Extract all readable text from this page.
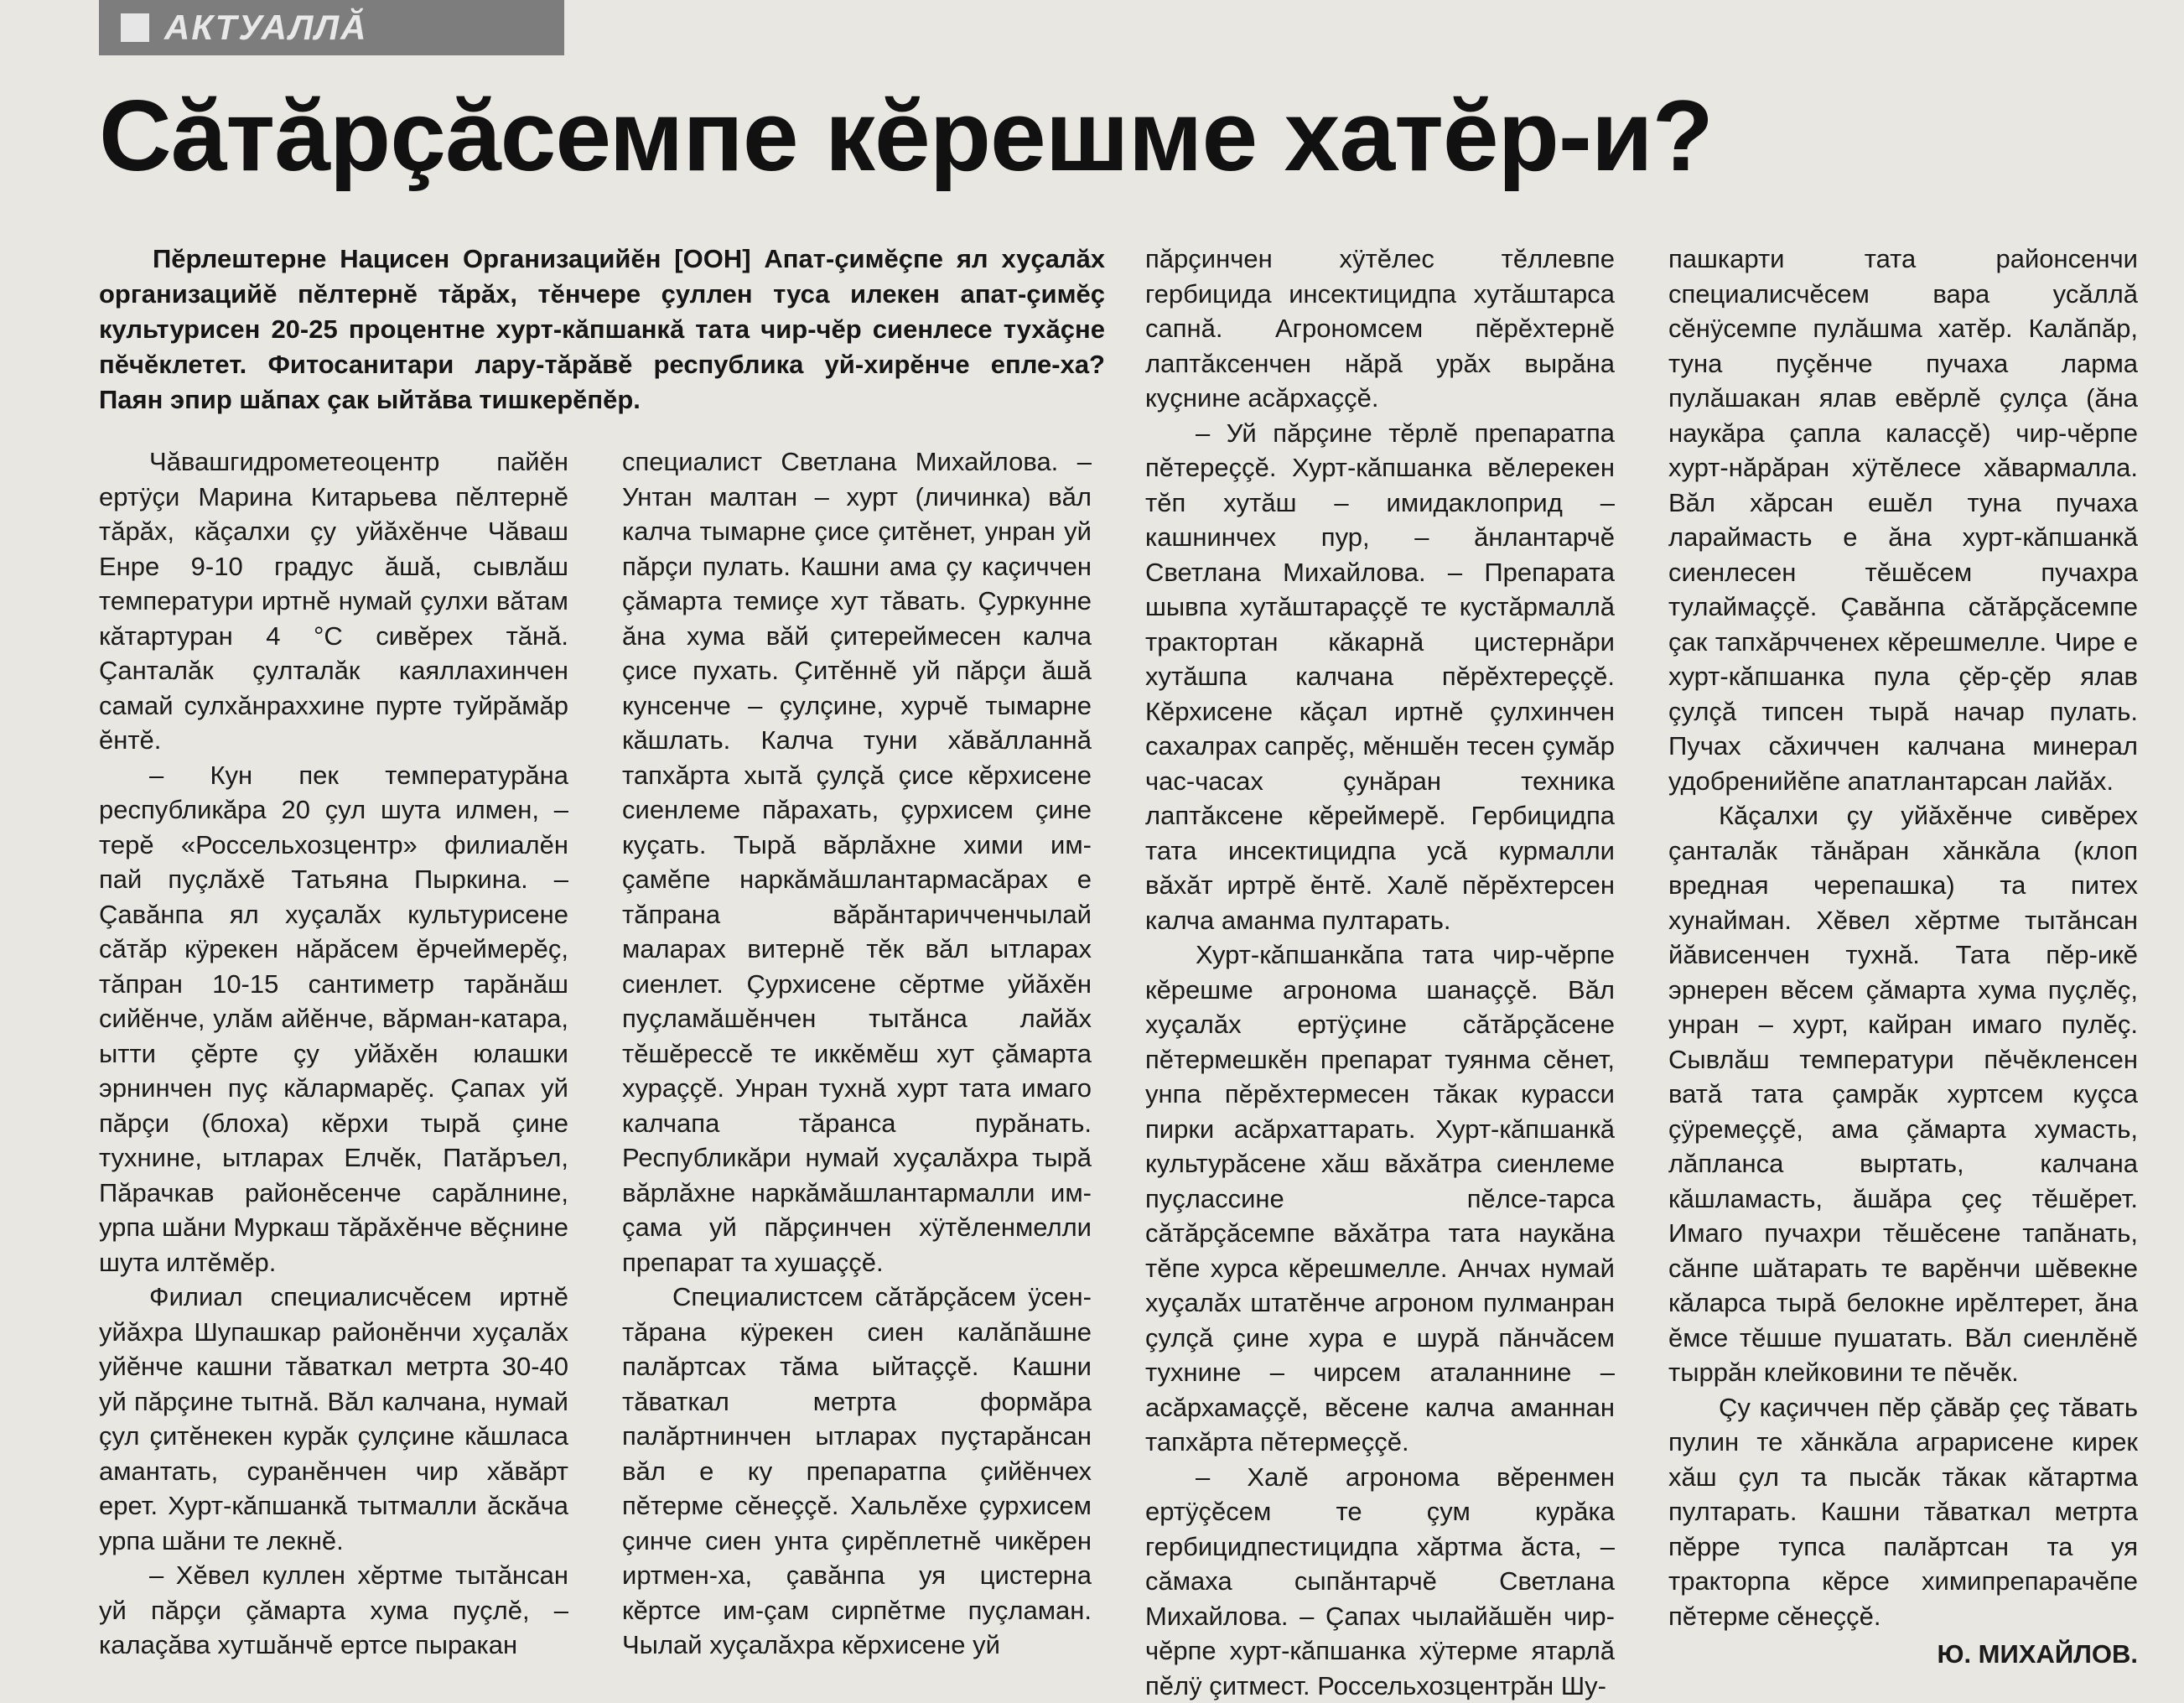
АКТУАЛЛĂ
Сăтăрçăсемпе кĕрешме хатĕр-и?
Пĕрлештерне Нацисен Организацийĕн [ООН] Апат-çимĕçпе ял хуçалăх организацийĕ пĕлтернĕ тăрăх, тĕнчере çуллен туса илекен апат-çимĕç культурисен 20-25 процентне хурт-кăпшанкă тата чир-чĕр сиенлесе тухăçне пĕчĕклетет. Фитосанитари лару-тăрăвĕ республика уй-хирĕнче епле-ха? Паян эпир шăпах çак ыйтăва тишкерĕпĕр.

Чăвашгидрометеоцентр пайĕн ертÿçи Марина Китарьева пĕлтернĕ тăрăх, кăçалхи çу уйăхĕнче Чăваш Енре 9-10 градус ăшă, сывлăш температури иртнĕ нумай çулхи вăтам кăтартуран 4 °С сивĕрех тăнă. Çанталăк çулталăк каяллахинчен самай сулхăнраххине пурте туйрăмăр ĕнтĕ.

– Кун пек температурăна республикăра 20 çул шута илмен, – терĕ «Россельхозцентр» филиалĕн пай пуçлăхĕ Татьяна Пыркина. – Çавăнпа ял хуçалăх культурисене сăтăр кÿрекен нăрăсем ĕрчеймерĕç, тăпран 10-15 сантиметр тарăнăш сийĕнче, улăм айĕнче, вăрман-катара, ытти çĕрте çу уйăхĕн юлашки эрнинчен пуç кăлармарĕç. Çапах уй пăрçи (блоха) кĕрхи тырă çине тухнине, ытларах Елчĕк, Патăръел, Пăрачкав районĕсенче сарăлнине, урпа шăни Муркаш тăрăхĕнче вĕçнине шута илтĕмĕр.

Филиал специалисчĕсем иртнĕ уйăхра Шупашкар районĕнчи хуçалăх уйĕнче кашни тăваткал метрта 30-40 уй пăрçине тытнă. Вăл калчана, нумай çул çитĕнекен курăк çулçине кăшласа амантать, суранĕнчен чир хăвăрт ерет. Хурт-кăпшанкă тытмалли ăскăча урпа шăни те лекнĕ.

– Хĕвел куллен хĕртме тытăнсан уй пăрçи çăмарта хума пуçлĕ, – калаçăва хутшăнчĕ ертсе пыракан

специалист Светлана Михайлова. – Унтан малтан – хурт (личинка) вăл калча тымарне çисе çитĕнет, унран уй пăрçи пулать. Кашни ама çу каçиччен çăмарта темиçе хут тăвать. Çуркунне ăна хума вăй çитереймесен калча çисе пухать. Çитĕннĕ уй пăрçи ăшă кунсенче – çулçине, хурчĕ тымарне кăшлать. Калча туни хăвăлланнă тапхăрта хытă çулçă çисе кĕрхисене сиенлеме пăрахать, çурхисем çине куçать. Тырă вăрлăхне хими им-çамĕпе наркăмăшлантармасăрах е тăпрана вăрăнтаричченчылай маларах витернĕ тĕк вăл ытларах сиенлет. Çурхисене сĕртме уйăхĕн пуçламăшĕнчен тытăнса лайăх тĕшĕрессĕ те иккĕмĕш хут çăмарта хураççĕ. Унран тухнă хурт тата имаго калчапа тăранса пурăнать. Республикăри нумай хуçалăхра тырă вăрлăхне наркăмăшлантармалли им-çама уй пăрçинчен хÿтĕленмелли препарат та хушаççĕ.

Специалистсем сăтăрçăсем ÿсен-тăрана кÿрекен сиен калăпăшне палăртсах тăма ыйтаççĕ. Кашни тăваткал метрта формăра палăртнинчен ытларах пуçтарăнсан вăл е ку препаратпа çийĕнчех пĕтерме сĕнеççĕ. Хальлĕхе çурхисем çинче сиен унта çирĕплетнĕ чикĕрен иртмен-ха, çавăнпа уя цистерна кĕртсе им-çам сирпĕтме пуçламан. Чылай хуçалăхра кĕрхисене уй

пăрçинчен хÿтĕлес тĕллевпе гербицида инсектицидпа хутăштарса сапнă. Агрономсем пĕрĕхтернĕ лаптăксенчен нăрă урăх вырăна куçнине асăрхаççĕ.

– Уй пăрçине тĕрлĕ препаратпа пĕтереççĕ. Хурт-кăпшанка вĕлерекен тĕп хутăш – имидаклоприд – кашнинчех пур, – ăнлантарчĕ Светлана Михайлова. – Препарата шывпа хутăштараççĕ те кустăрмаллă трактортан кăкарнă цистернăри хутăшпа калчана пĕрĕхтереççĕ. Кĕрхисене кăçал иртнĕ çулхинчен сахалрах сапрĕç, мĕншĕн тесен çумăр час-часах çунăран техника лаптăксене кĕреймерĕ. Гербицидпа тата инсектицидпа усă курмалли вăхăт иртрĕ ĕнтĕ. Халĕ пĕрĕхтерсен калча аманма пултарать.

Хурт-кăпшанкăпа тата чир-чĕрпе кĕрешме агронома шанаççĕ. Вăл хуçалăх ертÿçине сăтăрçăсене пĕтермешкĕн препарат туянма сĕнет, унпа пĕрĕхтермесен тăкак курасси пирки асăрхаттарать. Хурт-кăпшанкă культурăсене хăш вăхăтра сиенлеме пуçлассине пĕлсе-тарса сăтăрçăсемпе вăхăтра тата наукăна тĕпе хурса кĕрешмелле. Анчах нумай хуçалăх штатĕнче агроном пулманран çулçă çине хура е шурă пăнчăсем тухнине – чирсем аталаннине – асăрхамаççĕ, вĕсене калча аманнан тапхăрта пĕтермеççĕ.

– Халĕ агронома вĕренмен ертÿçĕсем те çум курăка гербицидпестицидпа хăртма ăста, – сăмаха сыпăнтарчĕ Светлана Михайлова. – Çапах чылайăшĕн чир-чĕрпе хурт-кăпшанка хÿтерме ятарлă пĕлÿ çитмест. Россельхозцентрăн Шу-

пашкарти тата районсенчи специалисчĕсем вара усăллă сĕнÿсемпе пулăшма хатĕр. Калăпăр, туна пуçĕнче пучаха ларма пулăшакан ялав евĕрлĕ çулçа (ăна наукăра çапла каласçĕ) чир-чĕрпе хурт-нăрăран хÿтĕлесе хăвармалла. Вăл хăрсан ешĕл туна пучаха лараймасть е ăна хурт-кăпшанкă сиенлесен тĕшĕсем пучахра тулаймаççĕ. Çавăнпа сăтăрçăсемпе çак тапхăрчченех кĕрешмелле. Чире е хурт-кăпшанка пула çĕр-çĕр ялав çулçă типсен тырă начар пулать. Пучах сăхиччен калчана минерал удобренийĕпе апатлантарсан лайăх.

Кăçалхи çу уйăхĕнче сивĕрех çанталăк тăнăран хăнкăла (клоп вредная черепашка) та питех хунайман. Хĕвел хĕртме тытăнсан йăвисенчен тухнă. Тата пĕр-икĕ эрнерен вĕсем çăмарта хума пуçлĕç, унран – хурт, кайран имаго пулĕç. Сывлăш температури пĕчĕкленсен ватă тата çамрăк хуртсем куçса çÿремеççĕ, ама çăмарта хумасть, лăпланса выртать, калчана кăшламасть, ăшăра çеç тĕшĕрет. Имаго пучахри тĕшĕсене тапăнать, сăнпе шăтарать те варĕнчи шĕвекне кăларса тырă белокне ирĕлтерет, ăна ĕмсе тĕшше пушатать. Вăл сиенлĕнĕ тыррăн клейковини те пĕчĕк.

Çу каçиччен пĕр çăвăр çеç тăвать пулин те хăнкăла аграрисене кирек хăш çул та пысăк тăкак кăтартма пултарать. Кашни тăваткал метрта пĕрре тупса палăртсан та уя тракторпа кĕрсе химипрепарачĕпе пĕтерме сĕнеççĕ.

Ю. МИХАЙЛОВ.
